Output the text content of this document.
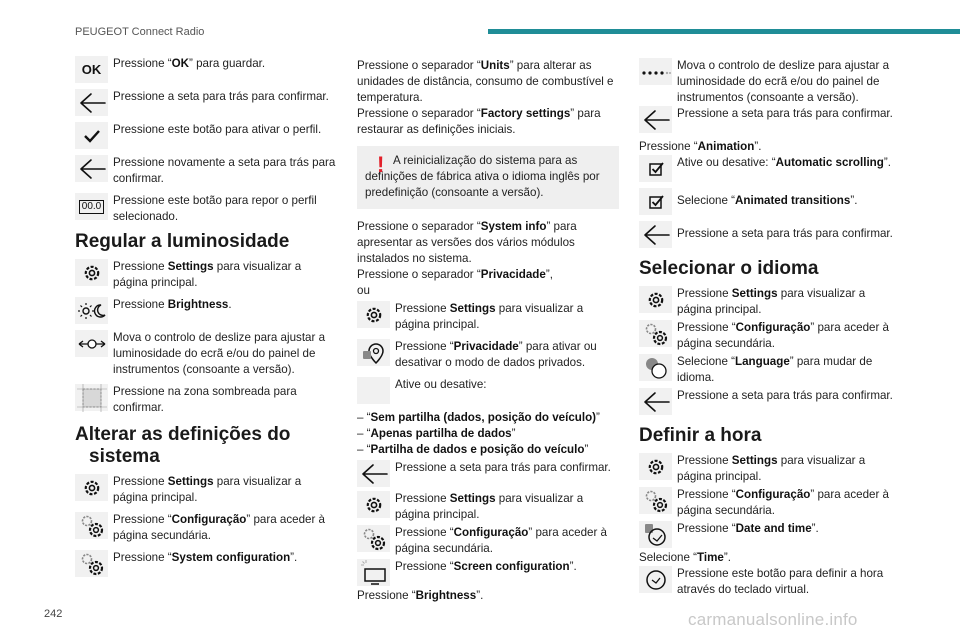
PEUGEOT Connect Radio
OK	Pressione “OK” para guardar.
Pressione a seta para trás para confirmar.
Pressione este botão para ativar o perfil.
Pressione novamente a seta para trás para confirmar.
00.0 Pressione este botão para repor o perfil selecionado.
Regular a luminosidade
Pressione Settings para visualizar a página principal.
Pressione Brightness.
Mova o controlo de deslize para ajustar a luminosidade do ecrã e/ou do painel de instrumentos (consoante a versão).
Pressione na zona sombreada para confirmar.
Alterar as definições do
sistema
Pressione Settings para visualizar a página principal.
Pressione “Configuração” para aceder à página secundária.
Pressione “System configuration”.
Pressione o separador “Units” para alterar as unidades de distância, consumo de combustível e temperatura.
Pressione o separador “Factory settings” para restaurar as definições iniciais.
! A reinicialização do sistema para as definições de fábrica ativa o idioma inglês por predefinição (consoante a versão).
Pressione o separador “System info” para apresentar as versões dos vários módulos instalados no sistema.
Pressione o separador “Privacidade”,
ou
Pressione Settings para visualizar a página principal.
Pressione “Privacidade” para ativar ou desativar o modo de dados privados.
Ative ou desative:
– “Sem partilha (dados, posição do veículo)”
– “Apenas partilha de dados”
– “Partilha de dados e posição do veículo”
Pressione a seta para trás para confirmar.
Pressione Settings para visualizar a página principal.
Pressione “Configuração” para aceder à página secundária.
Pressione “Screen configuration”.
Pressione “Brightness”.
Mova o controlo de deslize para ajustar a luminosidade do ecrã e/ou do painel de instrumentos (consoante a versão).
Pressione a seta para trás para confirmar.
Pressione “Animation”.
Ative ou desative: “Automatic scrolling”.
Selecione “Animated transitions”.
Pressione a seta para trás para confirmar.
Selecionar o idioma
Pressione Settings para visualizar a página principal.
Pressione “Configuração” para aceder à página secundária.
Selecione “Language” para mudar de idioma.
Pressione a seta para trás para confirmar.
Definir a hora
Pressione Settings para visualizar a página principal.
Pressione “Configuração” para aceder à página secundária.
Pressione “Date and time”.
Selecione “Time”.
Pressione este botão para definir a hora através do teclado virtual.
242	carmanualsonline.info
